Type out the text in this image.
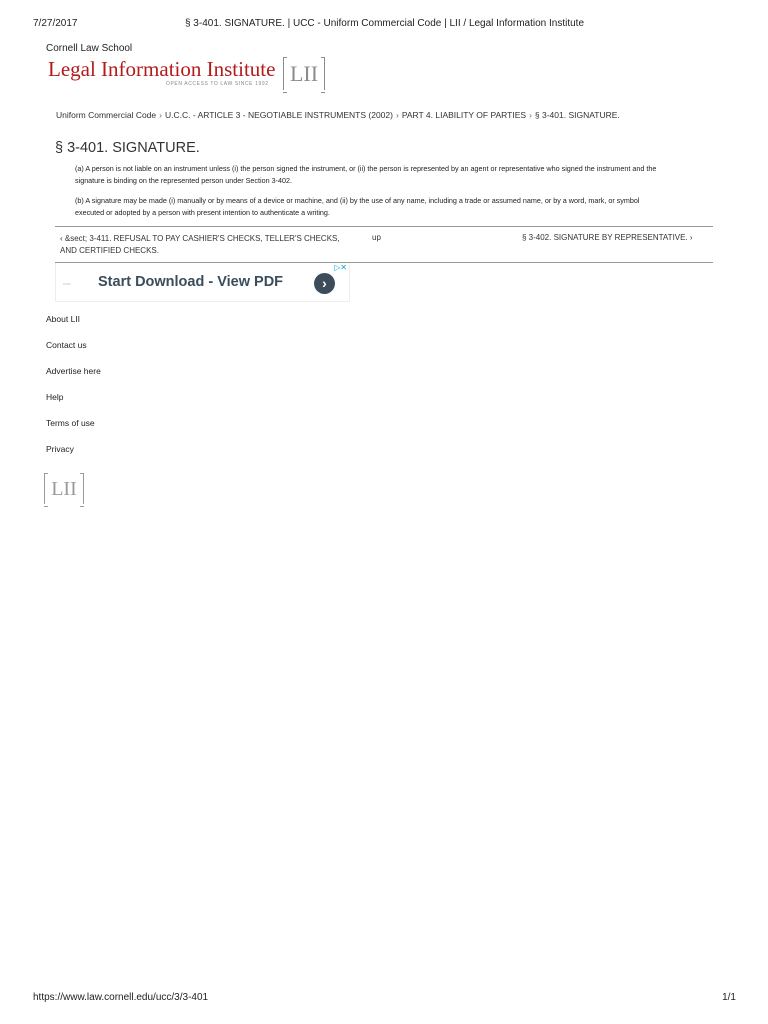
7/27/2017	§ 3-401. SIGNATURE. | UCC - Uniform Commercial Code | LII / Legal Information Institute
Cornell Law School
Legal Information Institute
OPEN ACCESS TO LAW SINCE 1992 LII
Uniform Commercial Code › U.C.C. - ARTICLE 3 - NEGOTIABLE INSTRUMENTS (2002) › PART 4. LIABILITY OF PARTIES › § 3-401. SIGNATURE.
§ 3-401. SIGNATURE.

(a) A person is not liable on an instrument unless (i) the person signed the instrument, or (ii) the person is represented by an agent or representative who signed the instrument and the signature is binding on the represented person under Section 3-402.

(b) A signature may be made (i) manually or by means of a device or machine, and (ii) by the use of any name, including a trade or assumed name, or by a word, mark, or symbol executed or adopted by a person with present intention to authenticate a writing.

‹ &sect; 3-411. REFUSAL TO PAY CASHIER'S CHECKS, TELLER'S CHECKS, AND CERTIFIED CHECKS.
up	§ 3-402. SIGNATURE BY REPRESENTATIVE. ›
▭▭ Start Download - View PDF	›
▷✕
About LII
Contact us
Advertise here
Help
Terms of use
Privacy
LII
https://www.law.cornell.edu/ucc/3/3-401	1/1
